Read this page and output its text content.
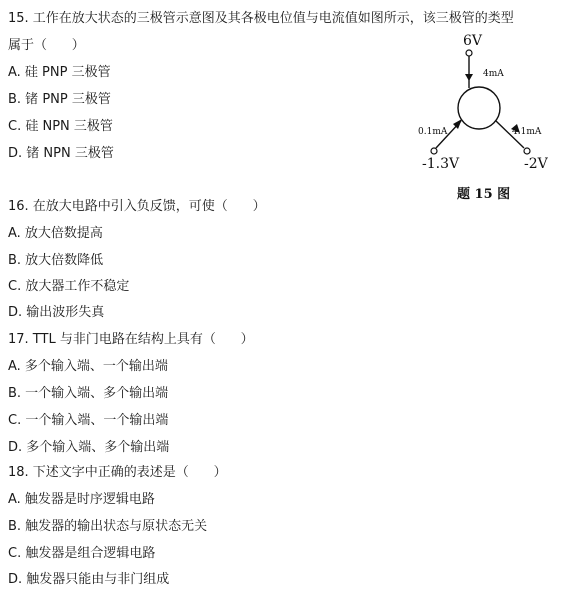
15. 工作在放大状态的三极管示意图及其各极电位值与电流值如图所示，该三极管的类型
属于（      ）
A. 硅 PNP 三极管
B. 锗 PNP 三极管
C. 硅 NPN 三极管
D. 锗 NPN 三极管
6V
4mA
0.1mA
-1.3V
4.1mA
-2V
题 15 图
16. 在放大电路中引入负反馈，可使（      ）
A. 放大倍数提高
B. 放大倍数降低
C. 放大器工作不稳定
D. 输出波形失真
17. TTL 与非门电路在结构上具有（      ）
A. 多个输入端、一个输出端
B. 一个输入端、多个输出端
C. 一个输入端、一个输出端
D. 多个输入端、多个输出端
18. 下述文字中正确的表述是（      ）
A. 触发器是时序逻辑电路
B. 触发器的输出状态与原状态无关
C. 触发器是组合逻辑电路
D. 触发器只能由与非门组成
